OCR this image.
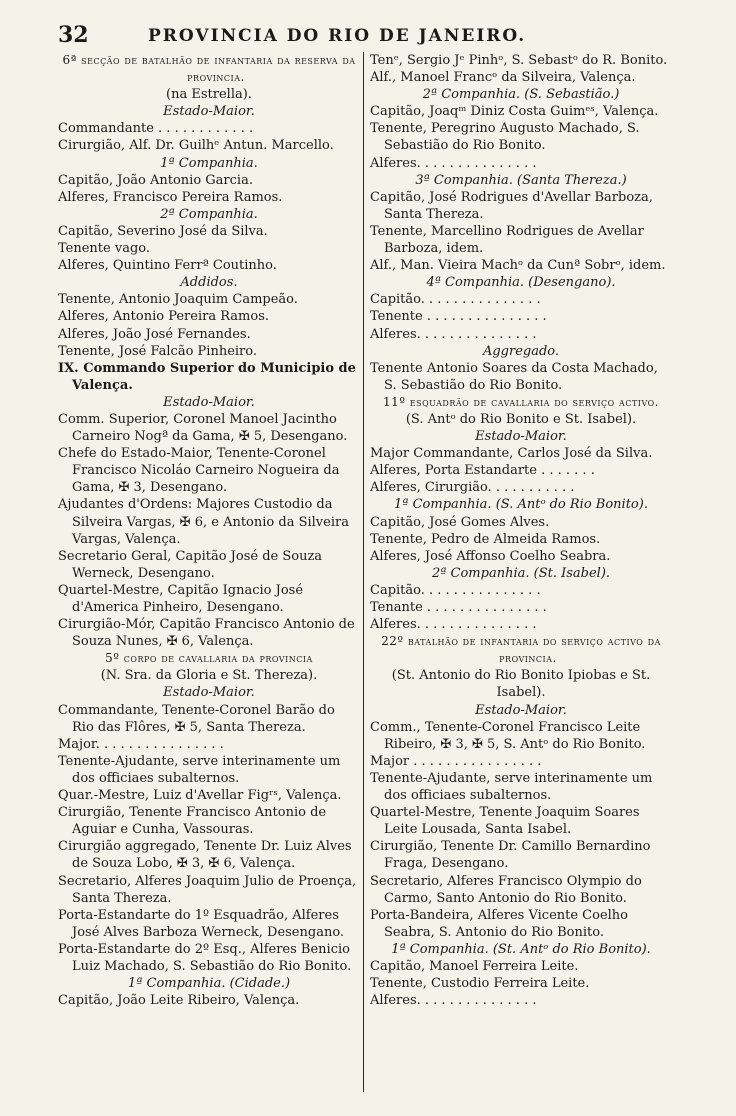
32	PROVINCIA DO RIO DE JANEIRO.
6ª secção de batalhão de infantaria da reserva da provincia.
(na Estrella).
Estado-Maior.
Commandante . . . . . . . . . . . .
Cirurgião, Alf. Dr. Guilhᵉ Antun. Marcello.
1ª Companhia.
Capitão, João Antonio Garcia.
Alferes, Francisco Pereira Ramos.
2ª Companhia.
Capitão, Severino José da Silva.
Tenente vago.
Alferes, Quintino Ferrª Coutinho.
Addidos.
Tenente, Antonio Joaquim Campeão.
Alferes, Antonio Pereira Ramos.
Alferes, João José Fernandes.
Tenente, José Falcão Pinheiro.
IX. Commando Superior do Municipio de Valença.
Estado-Maior.
Comm. Superior, Coronel Manoel Jacintho Carneiro Nogª da Gama, ✠ 5, Desengano.
Chefe do Estado-Maior, Tenente-Coronel Francisco Nicoláo Carneiro Nogueira da Gama, ✠ 3, Desengano.
Ajudantes d'Ordens: Majores Custodio da Silveira Vargas, ✠ 6, e Antonio da Silveira Vargas, Valença.
Secretario Geral, Capitão José de Souza Werneck, Desengano.
Quartel-Mestre, Capitão Ignacio José d'America Pinheiro, Desengano.
Cirurgião-Mór, Capitão Francisco Antonio de Souza Nunes, ✠ 6, Valença.
5º corpo de cavallaria da provincia
(N. Sra. da Gloria e St. Thereza).
Estado-Maior.
Commandante, Tenente-Coronel Barão do Rio das Flôres, ✠ 5, Santa Thereza.
Major. . . . . . . . . . . . . . . .
Tenente-Ajudante, serve interinamente um dos officiaes subalternos.
Quar.-Mestre, Luiz d'Avellar Figʳˢ, Valença.
Cirurgião, Tenente Francisco Antonio de Aguiar e Cunha, Vassouras.
Cirurgião aggregado, Tenente Dr. Luiz Alves de Souza Lobo, ✠ 3, ✠ 6, Valença.
Secretario, Alferes Joaquim Julio de Proença, Santa Thereza.
Porta-Estandarte do 1º Esquadrão, Alferes José Alves Barboza Werneck, Desengano.
Porta-Estandarte do 2º Esq., Alferes Benicio Luiz Machado, S. Sebastião do Rio Bonito.
1ª Companhia. (Cidade.)
Capitão, João Leite Ribeiro, Valença.
Tenᵉ, Sergio Jᵉ Pinhᵒ, S. Sebastᵒ do R. Bonito.
Alf., Manoel Francᵒ da Silveira, Valença.
2ª Companhia. (S. Sebastião.)
Capitão, Joaqᵐ Diniz Costa Guimᵉˢ, Valença.
Tenente, Peregrino Augusto Machado, S. Sebastião do Rio Bonito.
Alferes. . . . . . . . . . . . . . .
3ª Companhia. (Santa Thereza.)
Capitão, José Rodrigues d'Avellar Barboza, Santa Thereza.
Tenente, Marcellino Rodrigues de Avellar Barboza, idem.
Alf., Man. Vieira Machᵒ da Cunª Sobrᵒ, idem.
4ª Companhia. (Desengano).
Capitão. . . . . . . . . . . . . . .
Tenente . . . . . . . . . . . . . . .
Alferes. . . . . . . . . . . . . . .
Aggregado.
Tenente Antonio Soares da Costa Machado, S. Sebastião do Rio Bonito.
11º esquadrão de cavallaria do serviço activo.
(S. Antᵒ do Rio Bonito e St. Isabel).
Estado-Maior.
Major Commandante, Carlos José da Silva.
Alferes, Porta Estandarte . . . . . . .
Alferes, Cirurgião. . . . . . . . . . .
1ª Companhia. (S. Antᵒ do Rio Bonito).
Capitão, José Gomes Alves.
Tenente, Pedro de Almeida Ramos.
Alferes, José Affonso Coelho Seabra.
2ª Companhia. (St. Isabel).
Capitão. . . . . . . . . . . . . . .
Tenante . . . . . . . . . . . . . . .
Alferes. . . . . . . . . . . . . . .
22º batalhão de infantaria do serviço activo da provincia.
(St. Antonio do Rio Bonito Ipiobas e St. Isabel).
Estado-Maior.
Comm., Tenente-Coronel Francisco Leite Ribeiro, ✠ 3, ✠ 5, S. Antᵒ do Rio Bonito.
Major . . . . . . . . . . . . . . . .
Tenente-Ajudante, serve interinamente um dos officiaes subalternos.
Quartel-Mestre, Tenente Joaquim Soares Leite Lousada, Santa Isabel.
Cirurgião, Tenente Dr. Camillo Bernardino Fraga, Desengano.
Secretario, Alferes Francisco Olympio do Carmo, Santo Antonio do Rio Bonito.
Porta-Bandeira, Alferes Vicente Coelho Seabra, S. Antonio do Rio Bonito.
1ª Companhia. (St. Antᵒ do Rio Bonito).
Capitão, Manoel Ferreira Leite.
Tenente, Custodio Ferreira Leite.
Alferes. . . . . . . . . . . . . . .
